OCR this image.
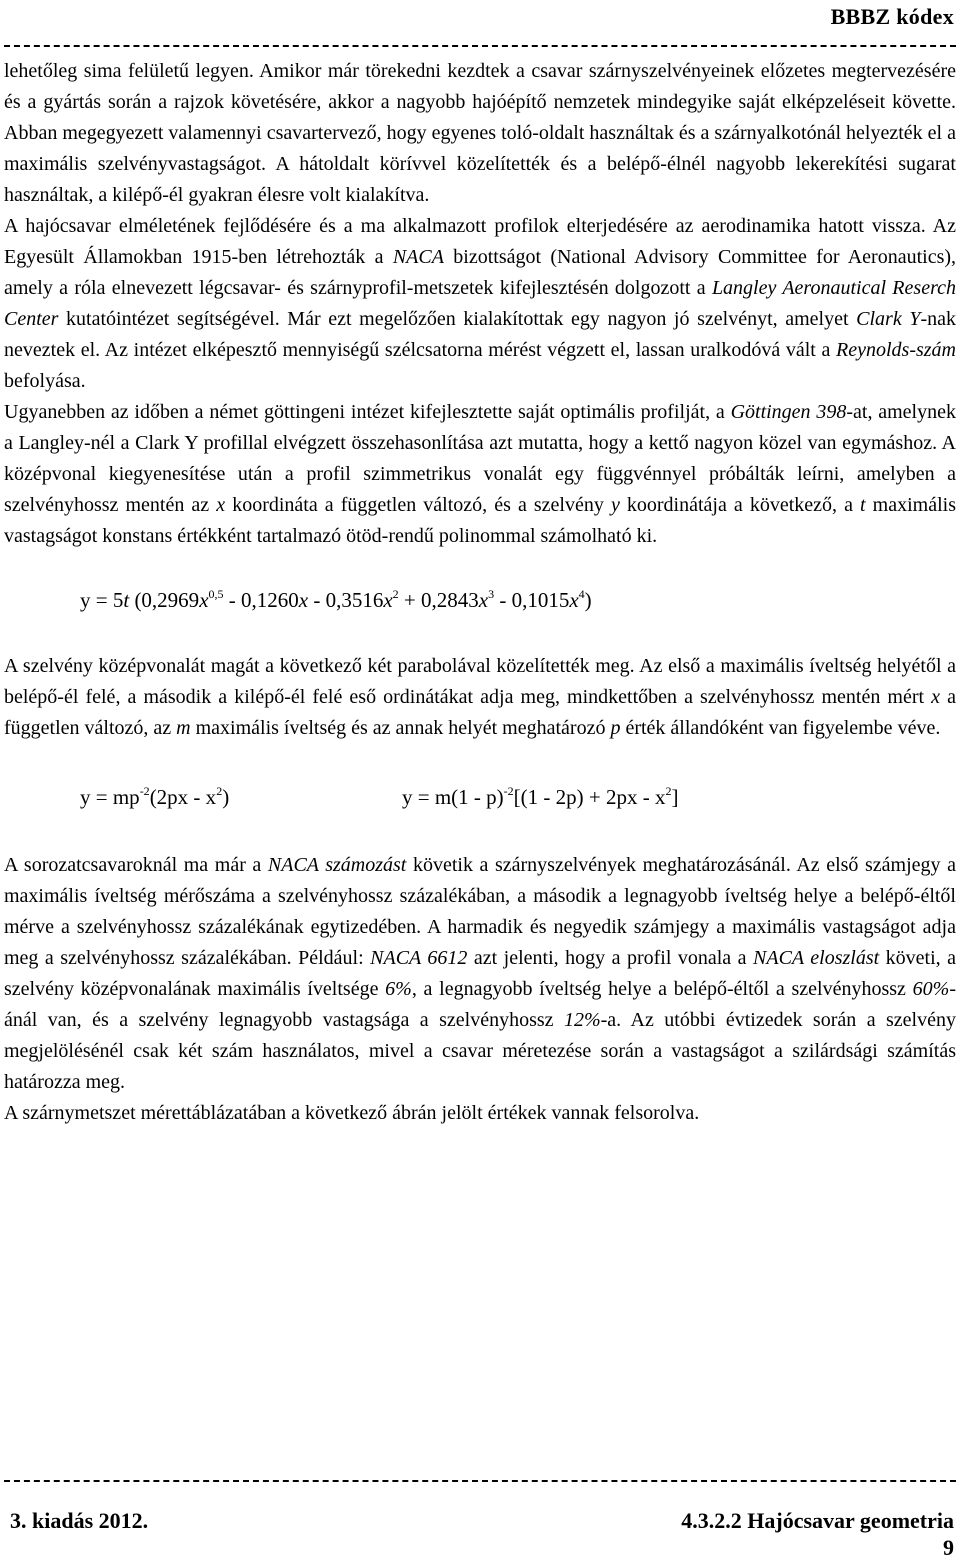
BBBZ kódex

lehetőleg sima felületű legyen. Amikor már törekedni kezdtek a csavar szárnyszelvényeinek előzetes megtervezésére és a gyártás során a rajzok követésére, akkor a nagyobb hajóépítő nemzetek mindegyike saját elképzeléseit követte. Abban megegyezett valamennyi csavartervező, hogy egyenes toló-oldalt használtak és a szárnyalkotónál helyezték el a maximális szelvényvastagságot. A hátoldalt körívvel közelítették és a belépő-élnél nagyobb lekerekítési sugarat használtak, a kilépő-él gyakran élesre volt kialakítva.

A hajócsavar elméletének fejlődésére és a ma alkalmazott profilok elterjedésére az aerodinamika hatott vissza. Az Egyesült Államokban 1915-ben létrehozták a NACA bizottságot (National Advisory Committee for Aeronautics), amely a róla elnevezett légcsavar- és szárnyprofil-metszetek kifejlesztésén dolgozott a Langley Aeronautical Reserch Center kutatóintézet segítségével. Már ezt megelőzően kialakítottak egy nagyon jó szelvényt, amelyet Clark Y-nak neveztek el. Az intézet elképesztő mennyiségű szélcsatorna mérést végzett el, lassan uralkodóvá vált a Reynolds-szám befolyása.

Ugyanebben az időben a német göttingeni intézet kifejlesztette saját optimális profilját, a Göttingen 398-at, amelynek a Langley-nél a Clark Y profillal elvégzett összehasonlítása azt mutatta, hogy a kettő nagyon közel van egymáshoz. A középvonal kiegyenesítése után a profil szimmetrikus vonalát egy függvénnyel próbálták leírni, amelyben a szelvényhossz mentén az x koordináta a független változó, és a szelvény y koordinátája a következő, a t maximális vastagságot konstans értékként tartalmazó ötöd-rendű polinommal számolható ki.

y = 5t $(0,2969x^{0,5} - 0,1260x - 0,3516x^2 + 0,2843x^3 - 0,1015x^4)$

A szelvény középvonalát magát a következő két parabolával közelítették meg. Az első a maximális íveltség helyétől a belépő-él felé, a második a kilépő-él felé eső ordinátákat adja meg, mindkettőben a szelvényhossz mentén mért x a független változó, az m maximális íveltség és az annak helyét meghatározó p érték állandóként van figyelembe véve.

$y = mp^{-2}(2px - x^2)$	$y = m(1 - p)^{-2}[(1 - 2p) + 2px - x^2]$

A sorozatcsavaroknál ma már a NACA számozást követik a szárnyszelvények meghatározásánál. Az első számjegy a maximális íveltség mérőszáma a szelvényhossz százalékában, a második a legnagyobb íveltség helye a belépő-éltől mérve a szelvényhossz százalékának egytizedében. A harmadik és negyedik számjegy a maximális vastagságot adja meg a szelvényhossz százalékában. Például: NACA 6612 azt jelenti, hogy a profil vonala a NACA eloszlást követi, a szelvény középvonalának maximális íveltsége 6%, a legnagyobb íveltség helye a belépő-éltől a szelvényhossz 60%-ánál van, és a szelvény legnagyobb vastagsága a szelvényhossz 12%-a. Az utóbbi évtizedek során a szelvény megjelölésénél csak két szám használatos, mivel a csavar méretezése során a vastagságot a szilárdsági számítás határozza meg.

A szárnymetszet mérettáblázatában a következő ábrán jelölt értékek vannak felsorolva.

3. kiadás 2012.	4.3.2.2 Hajócsavar geometria
9
